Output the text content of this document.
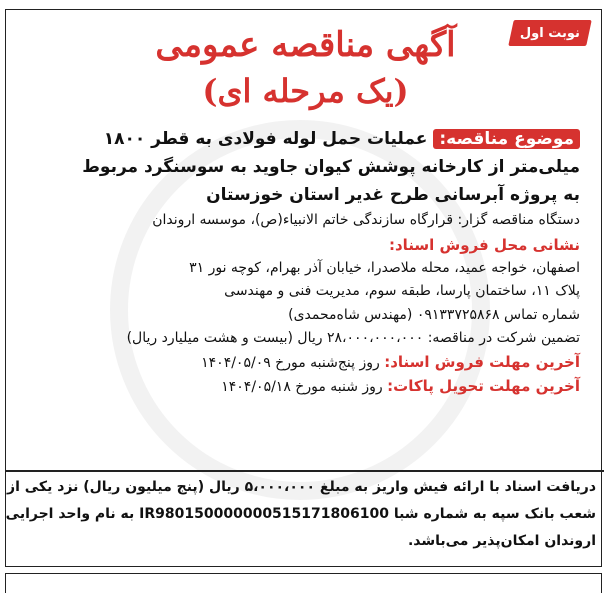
نوبت اول
آگهی مناقصه عمومی
(یک مرحله ای)
موضوع مناقصه:عملیات حمل لوله فولادی به قطر ۱۸۰۰
میلی‌متر از کارخانه پوشش کیوان جاوید به سوسنگرد مربوط
به پروژه آبرسانی طرح غدیر استان خوزستان
دستگاه مناقصه گزار: قرارگاه سازندگی خاتم الانبیاء(ص)، موسسه اروندان
نشانی محل فروش اسناد:
اصفهان، خواجه عمید، محله ملاصدرا، خیابان آذر بهرام، کوچه نور ۳۱
پلاک ۱۱، ساختمان پارسا، طبقه سوم، مدیریت فنی و مهندسی
شماره تماس ۰۹۱۳۳۷۲۵۸۶۸ (مهندس شاه‌محمدی)
تضمین شرکت در مناقصه: ۲۸،۰۰۰،۰۰۰،۰۰۰ ریال (بیست و هشت میلیارد ریال)
آخرین مهلت فروش اسناد: روز پنج‌شنبه مورخ ۱۴۰۴/۰۵/۰۹
آخرین مهلت تحویل پاکات: روز شنبه مورخ ۱۴۰۴/۰۵/۱۸
دریافت اسناد با ارائه فیش واریز به مبلغ ۵،۰۰۰،۰۰۰ ریال (پنج میلیون ریال) نزد یکی از
شعب بانک سپه به شماره شبا IR980150000000515171806100 به نام واحد اجرایی
اروندان امکان‌پذیر می‌باشد.
